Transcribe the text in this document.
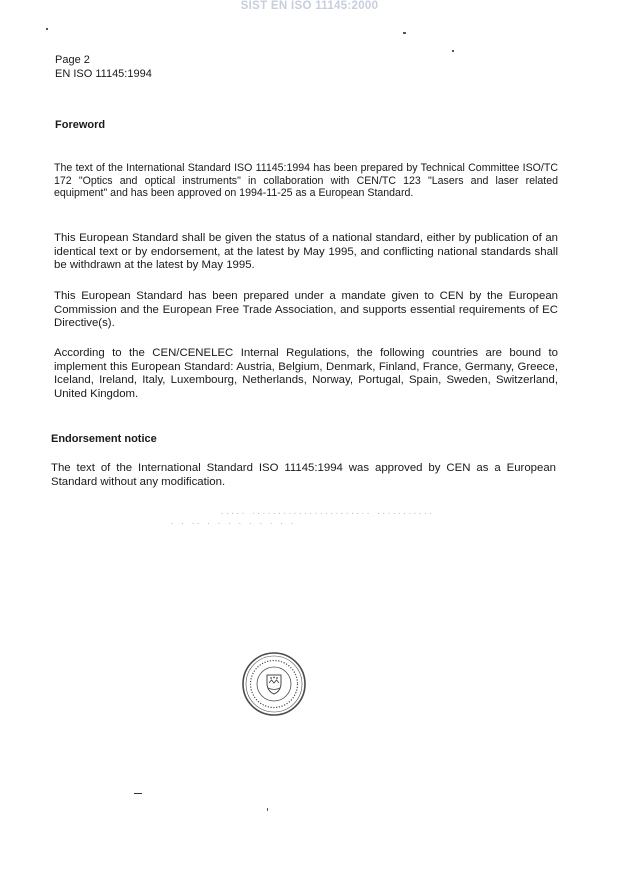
SIST EN ISO 11145:2000
Page 2
EN ISO 11145:1994
Foreword

The text of the International Standard ISO 11145:1994 has been prepared by Technical Committee ISO/TC 172 "Optics and optical instruments" in collaboration with CEN/TC 123 "Lasers and laser related equipment" and has been approved on 1994-11-25 as a European Standard.

This European Standard shall be given the status of a national standard, either by publication of an identical text or by endorsement, at the latest by May 1995, and conflicting national standards shall be withdrawn at the latest by May 1995.

This European Standard has been prepared under a mandate given to CEN by the European Commission and the European Free Trade Association, and supports essential requirements of EC Directive(s).

According to the CEN/CENELEC Internal Regulations, the following countries are bound to implement this European Standard: Austria, Belgium, Denmark, Finland, France, Germany, Greece, Iceland, Ireland, Italy, Luxembourg, Netherlands, Norway, Portugal, Spain, Sweden, Switzerland, United Kingdom.

Endorsement notice

The text of the International Standard ISO 11145:1994 was approved by CEN as a European Standard without any modification.

····· ······················· ···········
· · ·· · · · · · · · · ·
